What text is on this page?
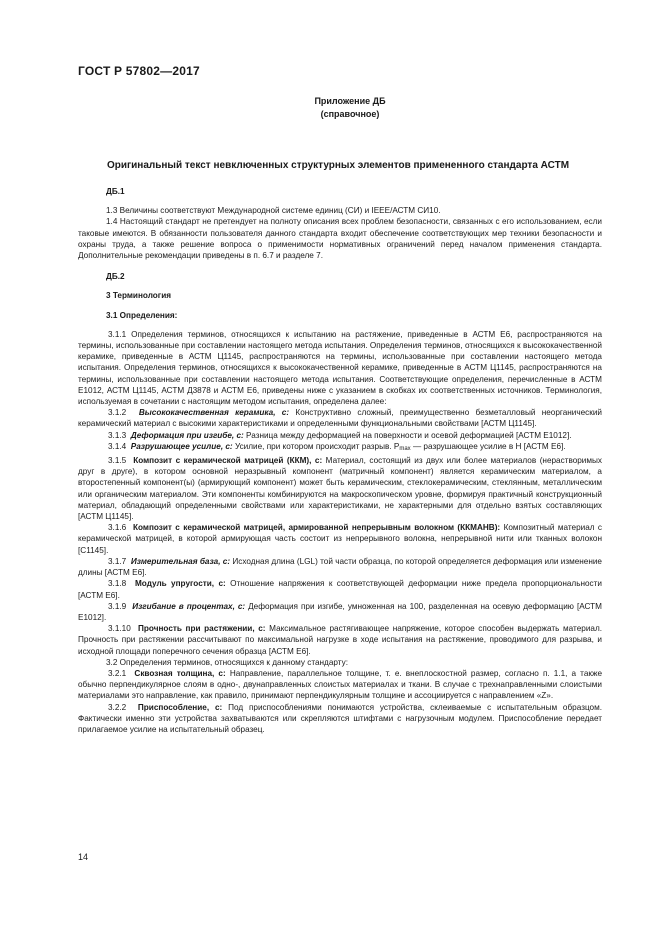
ГОСТ Р 57802—2017
Приложение ДБ
(справочное)
Оригинальный текст невключенных структурных элементов примененного стандарта АСТМ

ДБ.1

1.3 Величины соответствуют Международной системе единиц (СИ) и IEEE/АСТМ СИ10.

1.4 Настоящий стандарт не претендует на полноту описания всех проблем безопасности, связанных с его использованием, если таковые имеются. В обязанности пользователя данного стандарта входит обеспечение соответствующих мер техники безопасности и охраны труда, а также решение вопроса о применимости нормативных ограничений перед началом применения стандарта. Дополнительные рекомендации приведены в п. 6.7 и разделе 7.

ДБ.2

3 Терминология

3.1 Определения:

3.1.1 Определения терминов, относящихся к испытанию на растяжение, приведенные в АСТМ Е6, распространяются на термины, использованные при составлении настоящего метода испытания. Определения терминов, относящихся к высококачественной керамике, приведенные в АСТМ Ц1145, распространяются на термины, использованные при составлении настоящего метода испытания. Определения терминов, относящихся к высококачественной керамике, приведенные в АСТМ Ц1145, распространяются на термины, использованные при составлении настоящего метода испытания. Соответствующие определения, перечисленные в АСТМ Е1012, АСТМ Ц1145, АСТМ Д3878 и АСТМ Е6, приведены ниже с указанием в скобках их соответственных источников. Терминология, используемая в сочетании с настоящим методом испытания, определена далее:

3.1.2 Высококачественная керамика, с: Конструктивно сложный, преимущественно безметалловый неорганический керамический материал с высокими характеристиками и определенными функциональными свойствами [АСТМ Ц1145].

3.1.3 Деформация при изгибе, с: Разница между деформацией на поверхности и осевой деформацией [АСТМ Е1012].

3.1.4 Разрушающее усилие, с: Усилие, при котором происходит разрыв. $P_{max}$ — разрушающее усилие в Н [АСТМ Е6].

3.1.5 Композит с керамической матрицей (ККМ), с: Материал, состоящий из двух или более материалов (нерастворимых друг в друге), в котором основной неразрывный компонент (матричный компонент) является керамическим материалом, а второстепенный компонент(ы) (армирующий компонент) может быть керамическим, стеклокерамическим, стеклянным, металлическим или органическим материалом. Эти компоненты комбинируются на макроскопическом уровне, формируя практичный конструкционный материал, обладающий определенными свойствами или характеристиками, не характерными для отдельно взятых составляющих [АСТМ Ц1145].

3.1.6 Композит с керамической матрицей, армированной непрерывным волокном (ККМАНВ): Композитный материал с керамической матрицей, в которой армирующая часть состоит из непрерывного волокна, непрерывной нити или тканных волокон [С1145].

3.1.7 Измерительная база, с: Исходная длина (LGL) той части образца, по которой определяется деформация или изменение длины [АСТМ Е6].

3.1.8 Модуль упругости, с: Отношение напряжения к соответствующей деформации ниже предела пропорциональности [АСТМ Е6].

3.1.9 Изгибание в процентах, с: Деформация при изгибе, умноженная на 100, разделенная на осевую деформацию [АСТМ Е1012].

3.1.10 Прочность при растяжении, с: Максимальное растягивающее напряжение, которое способен выдержать материал. Прочность при растяжении рассчитывают по максимальной нагрузке в ходе испытания на растяжение, проводимого для разрыва, и исходной площади поперечного сечения образца [АСТМ Е6].

3.2 Определения терминов, относящихся к данному стандарту:

3.2.1 Сквозная толщина, с: Направление, параллельное толщине, т. е. внеплоскостной размер, согласно п. 1.1, а также обычно перпендикулярное слоям в одно-, двунаправленных слоистых материалах и ткани. В случае с трехнаправленными слоистыми материалами это направление, как правило, принимают перпендикулярным толщине и ассоциируется с направлением «Z».

3.2.2 Приспособление, с: Под приспособлениями понимаются устройства, склеиваемые с испытательным образцом. Фактически именно эти устройства захватываются или скрепляются штифтами с нагрузочным модулем. Приспособление передает прилагаемое усилие на испытательный образец.

14
